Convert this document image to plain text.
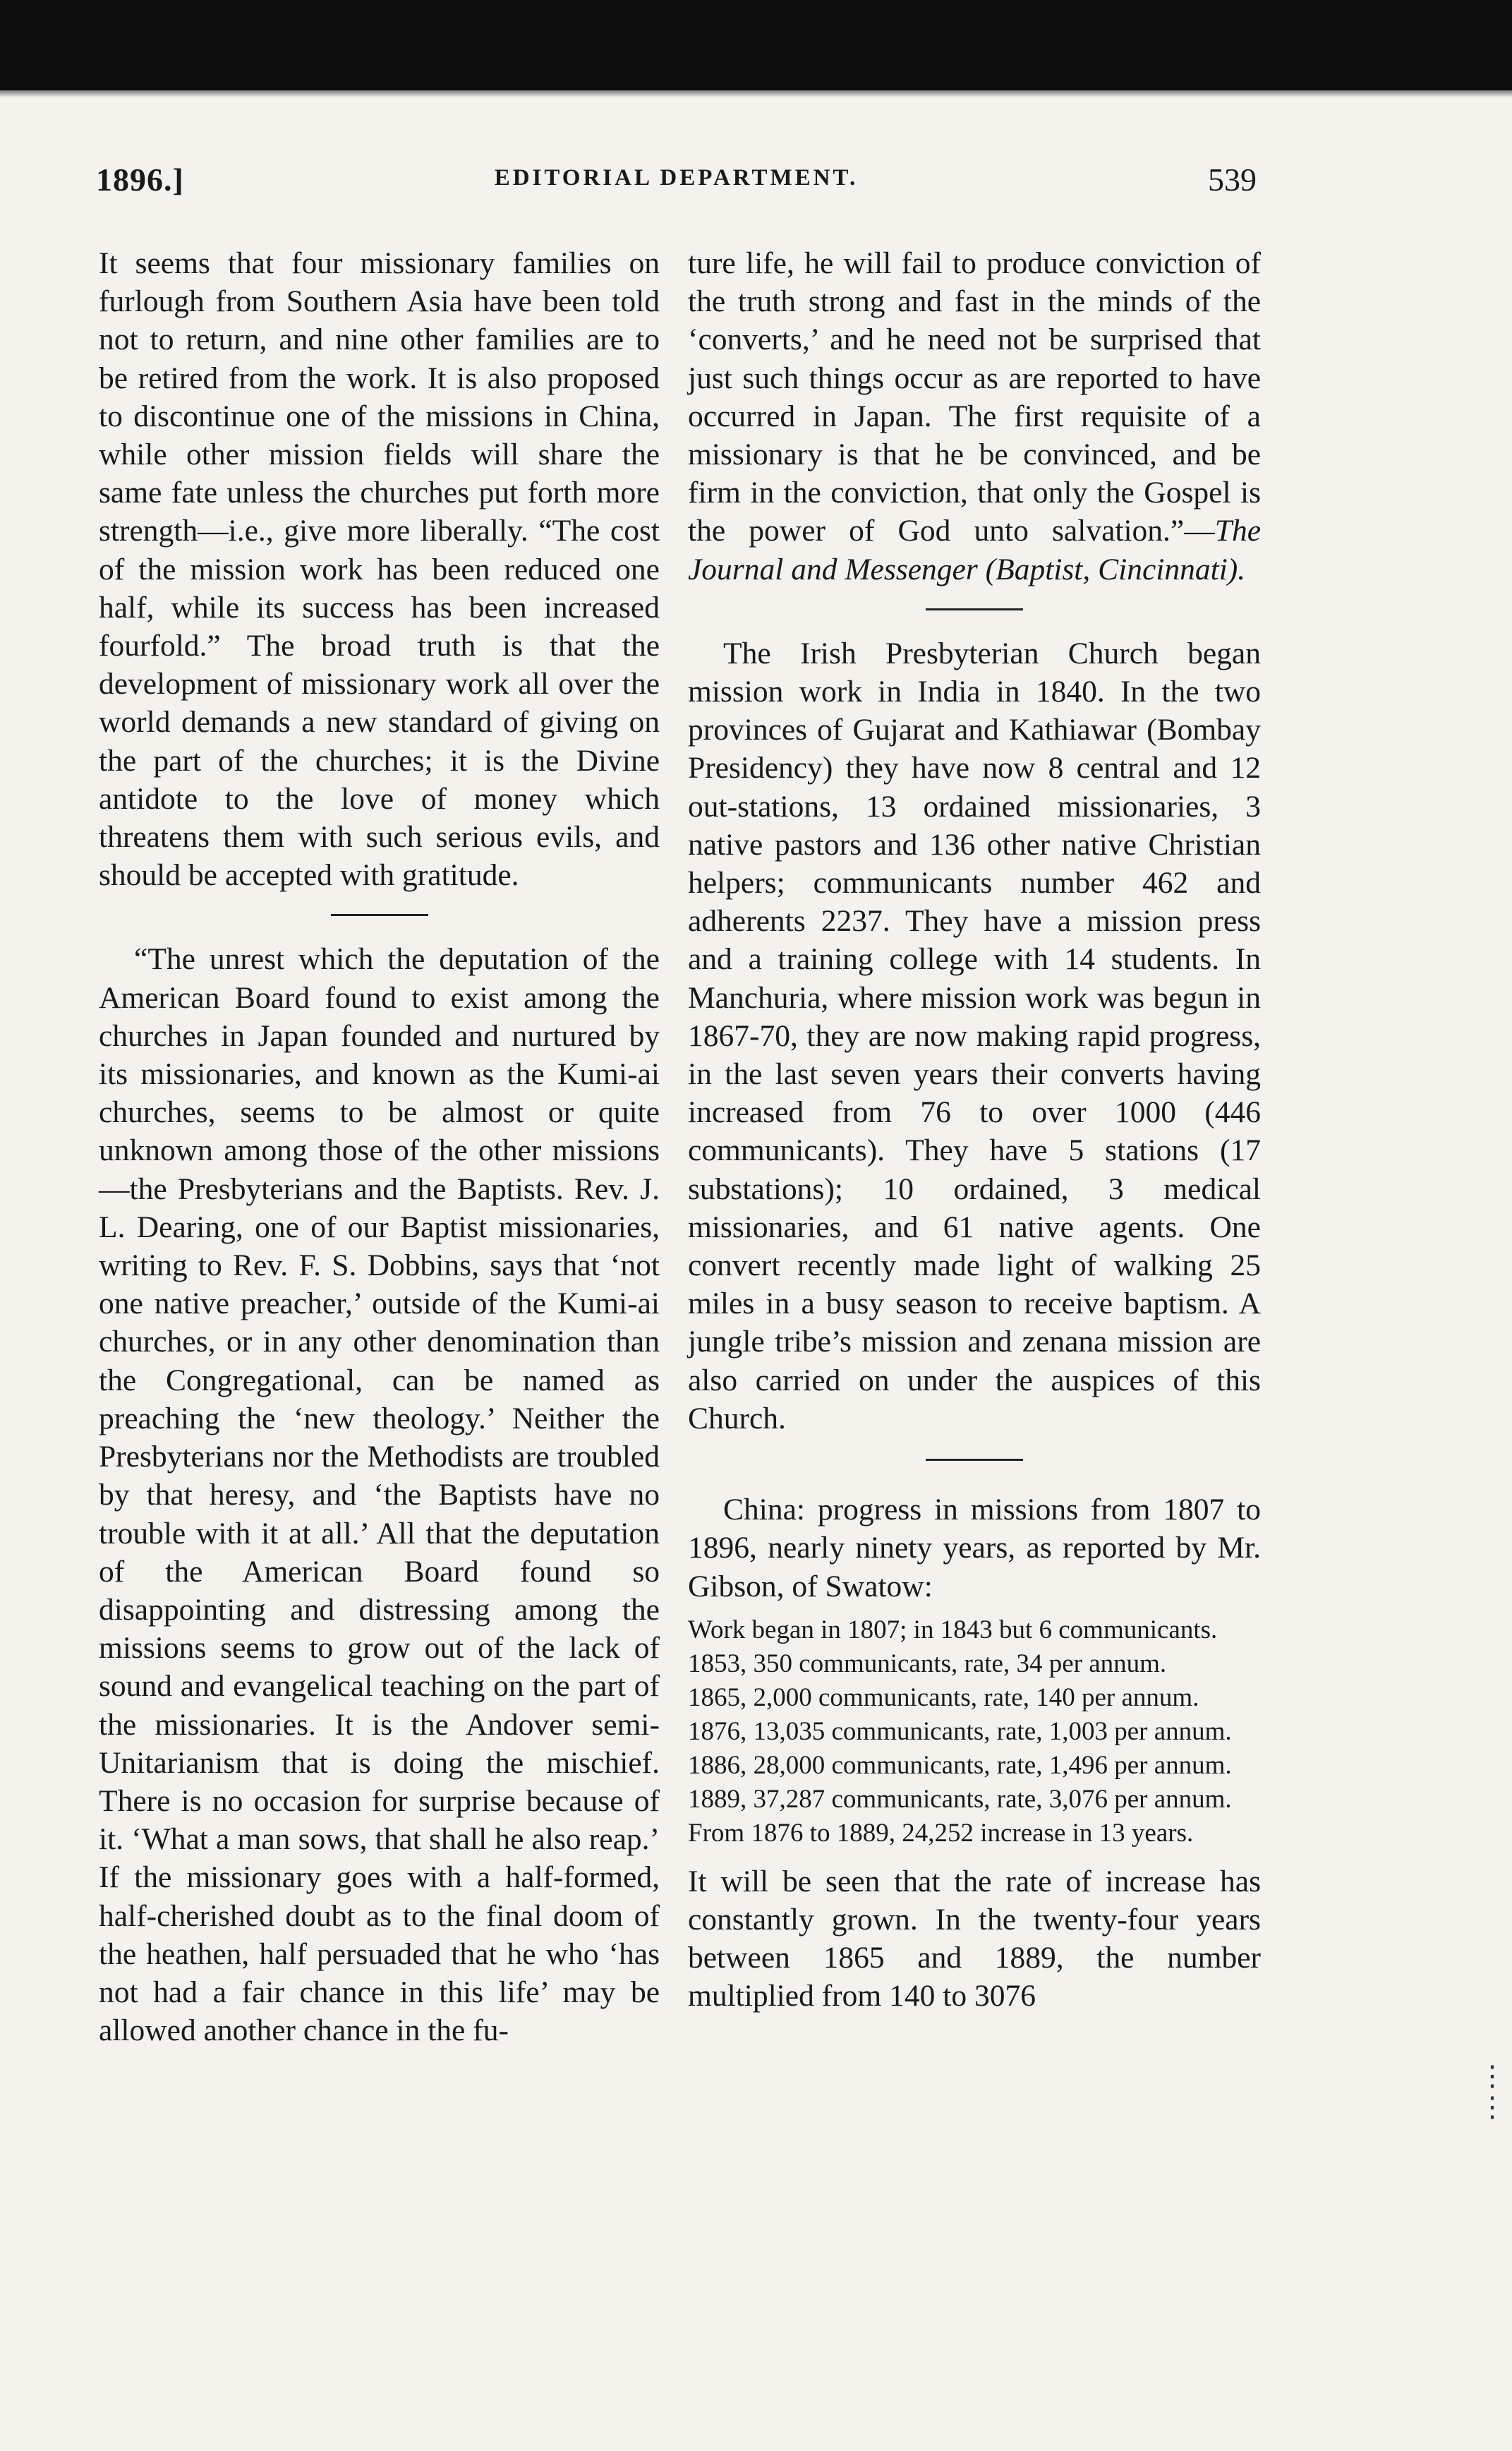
⋮
⋮
1896.]	EDITORIAL DEPARTMENT.	539

It seems that four missionary families on furlough from Southern Asia have been told not to return, and nine other families are to be retired from the work. It is also proposed to discontinue one of the missions in China, while other mission fields will share the same fate unless the churches put forth more strength—i.e., give more liberally. “The cost of the mission work has been reduced one half, while its success has been increased fourfold.” The broad truth is that the development of missionary work all over the world demands a new standard of giving on the part of the churches; it is the Divine antidote to the love of money which threatens them with such serious evils, and should be accepted with gratitude.

“The unrest which the deputation of the American Board found to exist among the churches in Japan founded and nurtured by its missionaries, and known as the Kumi-ai churches, seems to be almost or quite unknown among those of the other missions—the Presbyterians and the Baptists. Rev. J. L. Dearing, one of our Baptist missionaries, writing to Rev. F. S. Dobbins, says that ‘not one native preacher,’ outside of the Kumi-ai churches, or in any other denomination than the Congregational, can be named as preaching the ‘new theology.’ Neither the Presbyterians nor the Methodists are troubled by that heresy, and ‘the Baptists have no trouble with it at all.’ All that the deputation of the American Board found so disappointing and distressing among the missions seems to grow out of the lack of sound and evangelical teaching on the part of the missionaries. It is the Andover semi-Unitarianism that is doing the mischief. There is no occasion for surprise because of it. ‘What a man sows, that shall he also reap.’ If the missionary goes with a half-formed, half-cherished doubt as to the final doom of the heathen, half persuaded that he who ‘has not had a fair chance in this life’ may be allowed another chance in the fu-

ture life, he will fail to produce conviction of the truth strong and fast in the minds of the ‘converts,’ and he need not be surprised that just such things occur as are reported to have occurred in Japan. The first requisite of a missionary is that he be convinced, and be firm in the conviction, that only the Gospel is the power of God unto salvation.”—The Journal and Messenger (Baptist, Cincinnati).

The Irish Presbyterian Church began mission work in India in 1840. In the two provinces of Gujarat and Kathiawar (Bombay Presidency) they have now 8 central and 12 out-stations, 13 ordained missionaries, 3 native pastors and 136 other native Christian helpers; communicants number 462 and adherents 2237. They have a mission press and a training college with 14 students. In Manchuria, where mission work was begun in 1867-70, they are now making rapid progress, in the last seven years their converts having increased from 76 to over 1000 (446 communicants). They have 5 stations (17 substations); 10 ordained, 3 medical missionaries, and 61 native agents. One convert recently made light of walking 25 miles in a busy season to receive baptism. A jungle tribe’s mission and zenana mission are also carried on under the auspices of this Church.

China: progress in missions from 1807 to 1896, nearly ninety years, as reported by Mr. Gibson, of Swatow:

Work began in 1807; in 1843 but 6 communicants.

1853, 350 communicants, rate, 34 per annum.

1865, 2,000 communicants, rate, 140 per annum.

1876, 13,035 communicants, rate, 1,003 per annum.

1886, 28,000 communicants, rate, 1,496 per annum.

1889, 37,287 communicants, rate, 3,076 per annum.

From 1876 to 1889, 24,252 increase in 13 years.

It will be seen that the rate of increase has constantly grown. In the twenty-four years between 1865 and 1889, the number multiplied from 140 to 3076
